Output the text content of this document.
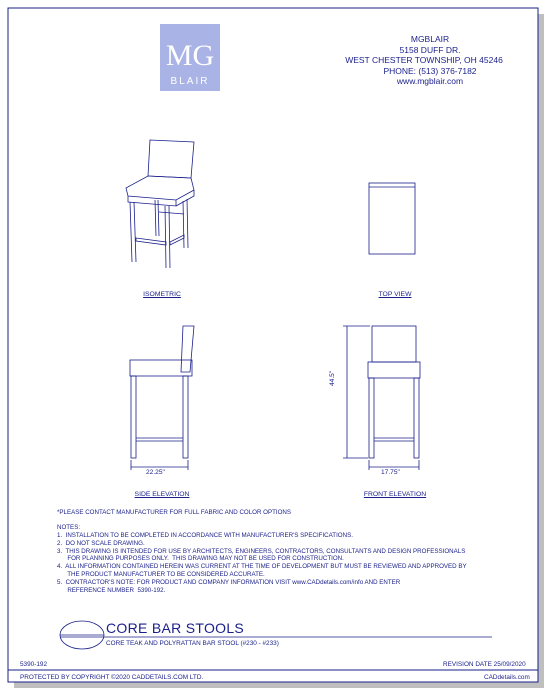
MG
BLAIR
MGBLAIR
5158 DUFF DR.
WEST CHESTER TOWNSHIP, OH 45246
PHONE: (513) 376-7182
www.mgblair.com
ISOMETRIC	TOP VIEW
SIDE ELEVATION	FRONT ELEVATION
22.25"	17.75"
44.5"
*PLEASE CONTACT MANUFACTURER FOR FULL FABRIC AND COLOR OPTIONS
NOTES:
1.  INSTALLATION TO BE COMPLETED IN ACCORDANCE WITH MANUFACTURER'S SPECIFICATIONS.
2.  DO NOT SCALE DRAWING.
3.  THIS DRAWING IS INTENDED FOR USE BY ARCHITECTS, ENGINEERS, CONTRACTORS, CONSULTANTS AND DESIGN PROFESSIONALS
FOR PLANNING PURPOSES ONLY.  THIS DRAWING MAY NOT BE USED FOR CONSTRUCTION.
4.  ALL INFORMATION CONTAINED HEREIN WAS CURRENT AT THE TIME OF DEVELOPMENT BUT MUST BE REVIEWED AND APPROVED BY
THE PRODUCT MANUFACTURER TO BE CONSIDERED ACCURATE.
5.  CONTRACTOR'S NOTE: FOR PRODUCT AND COMPANY INFORMATION VISIT www.CADdetails.com/info AND ENTER
REFERENCE NUMBER  5390-192.
CORE BAR STOOLS
CORE TEAK AND POLYRATTAN BAR STOOL (#230 - #233)
5390-192	REVISION DATE 25/09/2020
PROTECTED BY COPYRIGHT ©2020 CADDETAILS.COM LTD.	CADdetails.com
